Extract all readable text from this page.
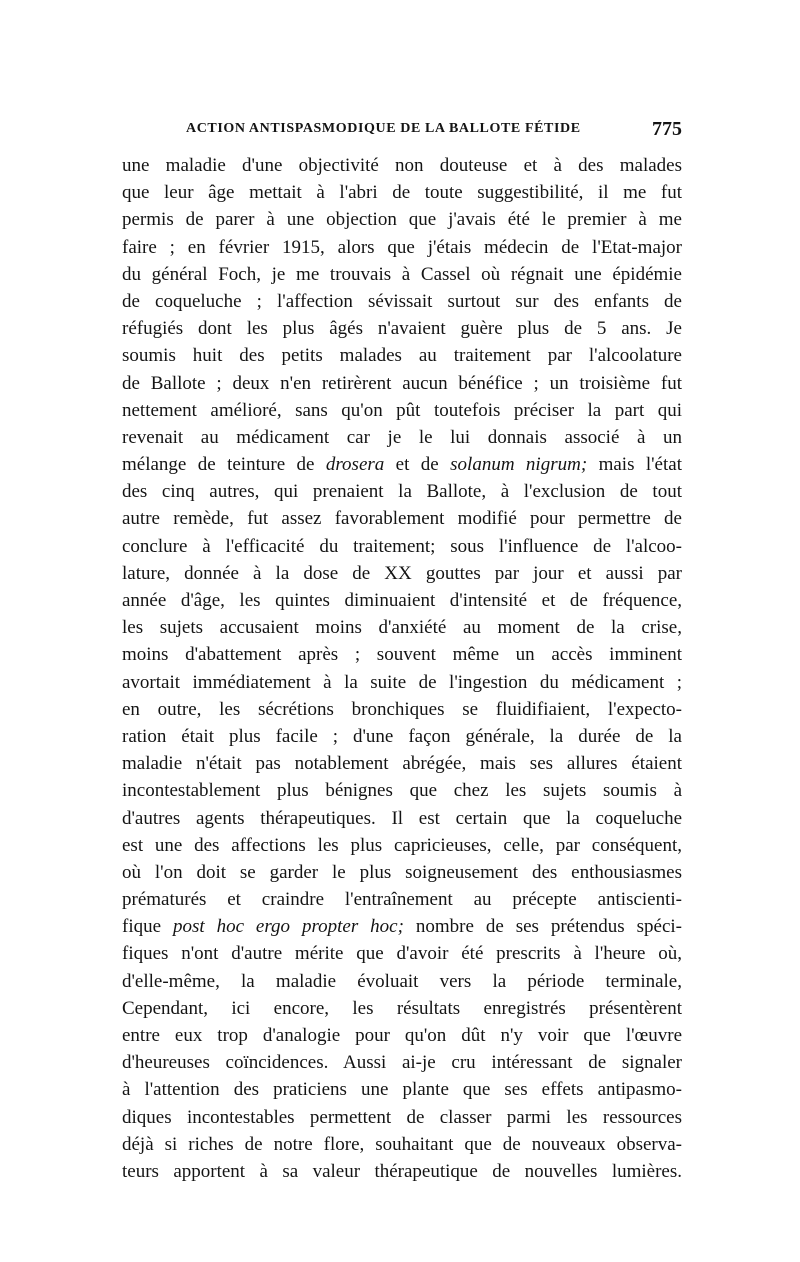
ACTION ANTISPASMODIQUE DE LA BALLOTE FÉTIDE	775
une maladie d'une objectivité non douteuse et à des malades
que leur âge mettait à l'abri de toute suggestibilité, il me fut
permis de parer à une objection que j'avais été le premier à me
faire ; en février 1915, alors que j'étais médecin de l'Etat-major
du général Foch, je me trouvais à Cassel où régnait une épidémie
de coqueluche ; l'affection sévissait surtout sur des enfants de
réfugiés dont les plus âgés n'avaient guère plus de 5 ans. Je
soumis huit des petits malades au traitement par l'alcoolature
de Ballote ; deux n'en retirèrent aucun bénéfice ; un troisième fut
nettement amélioré, sans qu'on pût toutefois préciser la part qui
revenait au médicament car je le lui donnais associé à un
mélange de teinture de drosera et de solanum nigrum; mais l'état
des cinq autres, qui prenaient la Ballote, à l'exclusion de tout
autre remède, fut assez favorablement modifié pour permettre de
conclure à l'efficacité du traitement; sous l'influence de l'alcoo-
lature, donnée à la dose de XX gouttes par jour et aussi par
année d'âge, les quintes diminuaient d'intensité et de fréquence,
les sujets accusaient moins d'anxiété au moment de la crise,
moins d'abattement après ; souvent même un accès imminent
avortait immédiatement à la suite de l'ingestion du médicament ;
en outre, les sécrétions bronchiques se fluidifiaient, l'expecto-
ration était plus facile ; d'une façon générale, la durée de la
maladie n'était pas notablement abrégée, mais ses allures étaient
incontestablement plus bénignes que chez les sujets soumis à
d'autres agents thérapeutiques. Il est certain que la coqueluche
est une des affections les plus capricieuses, celle, par conséquent,
où l'on doit se garder le plus soigneusement des enthousiasmes
prématurés et craindre l'entraînement au précepte antiscienti-
fique post hoc ergo propter hoc; nombre de ses prétendus spéci-
fiques n'ont d'autre mérite que d'avoir été prescrits à l'heure où,
d'elle-même, la maladie évoluait vers la période terminale,
Cependant, ici encore, les résultats enregistrés présentèrent
entre eux trop d'analogie pour qu'on dût n'y voir que l'œuvre
d'heureuses coïncidences. Aussi ai-je cru intéressant de signaler
à l'attention des praticiens une plante que ses effets antipasmo-
diques incontestables permettent de classer parmi les ressources
déjà si riches de notre flore, souhaitant que de nouveaux observa-
teurs apportent à sa valeur thérapeutique de nouvelles lumières.
